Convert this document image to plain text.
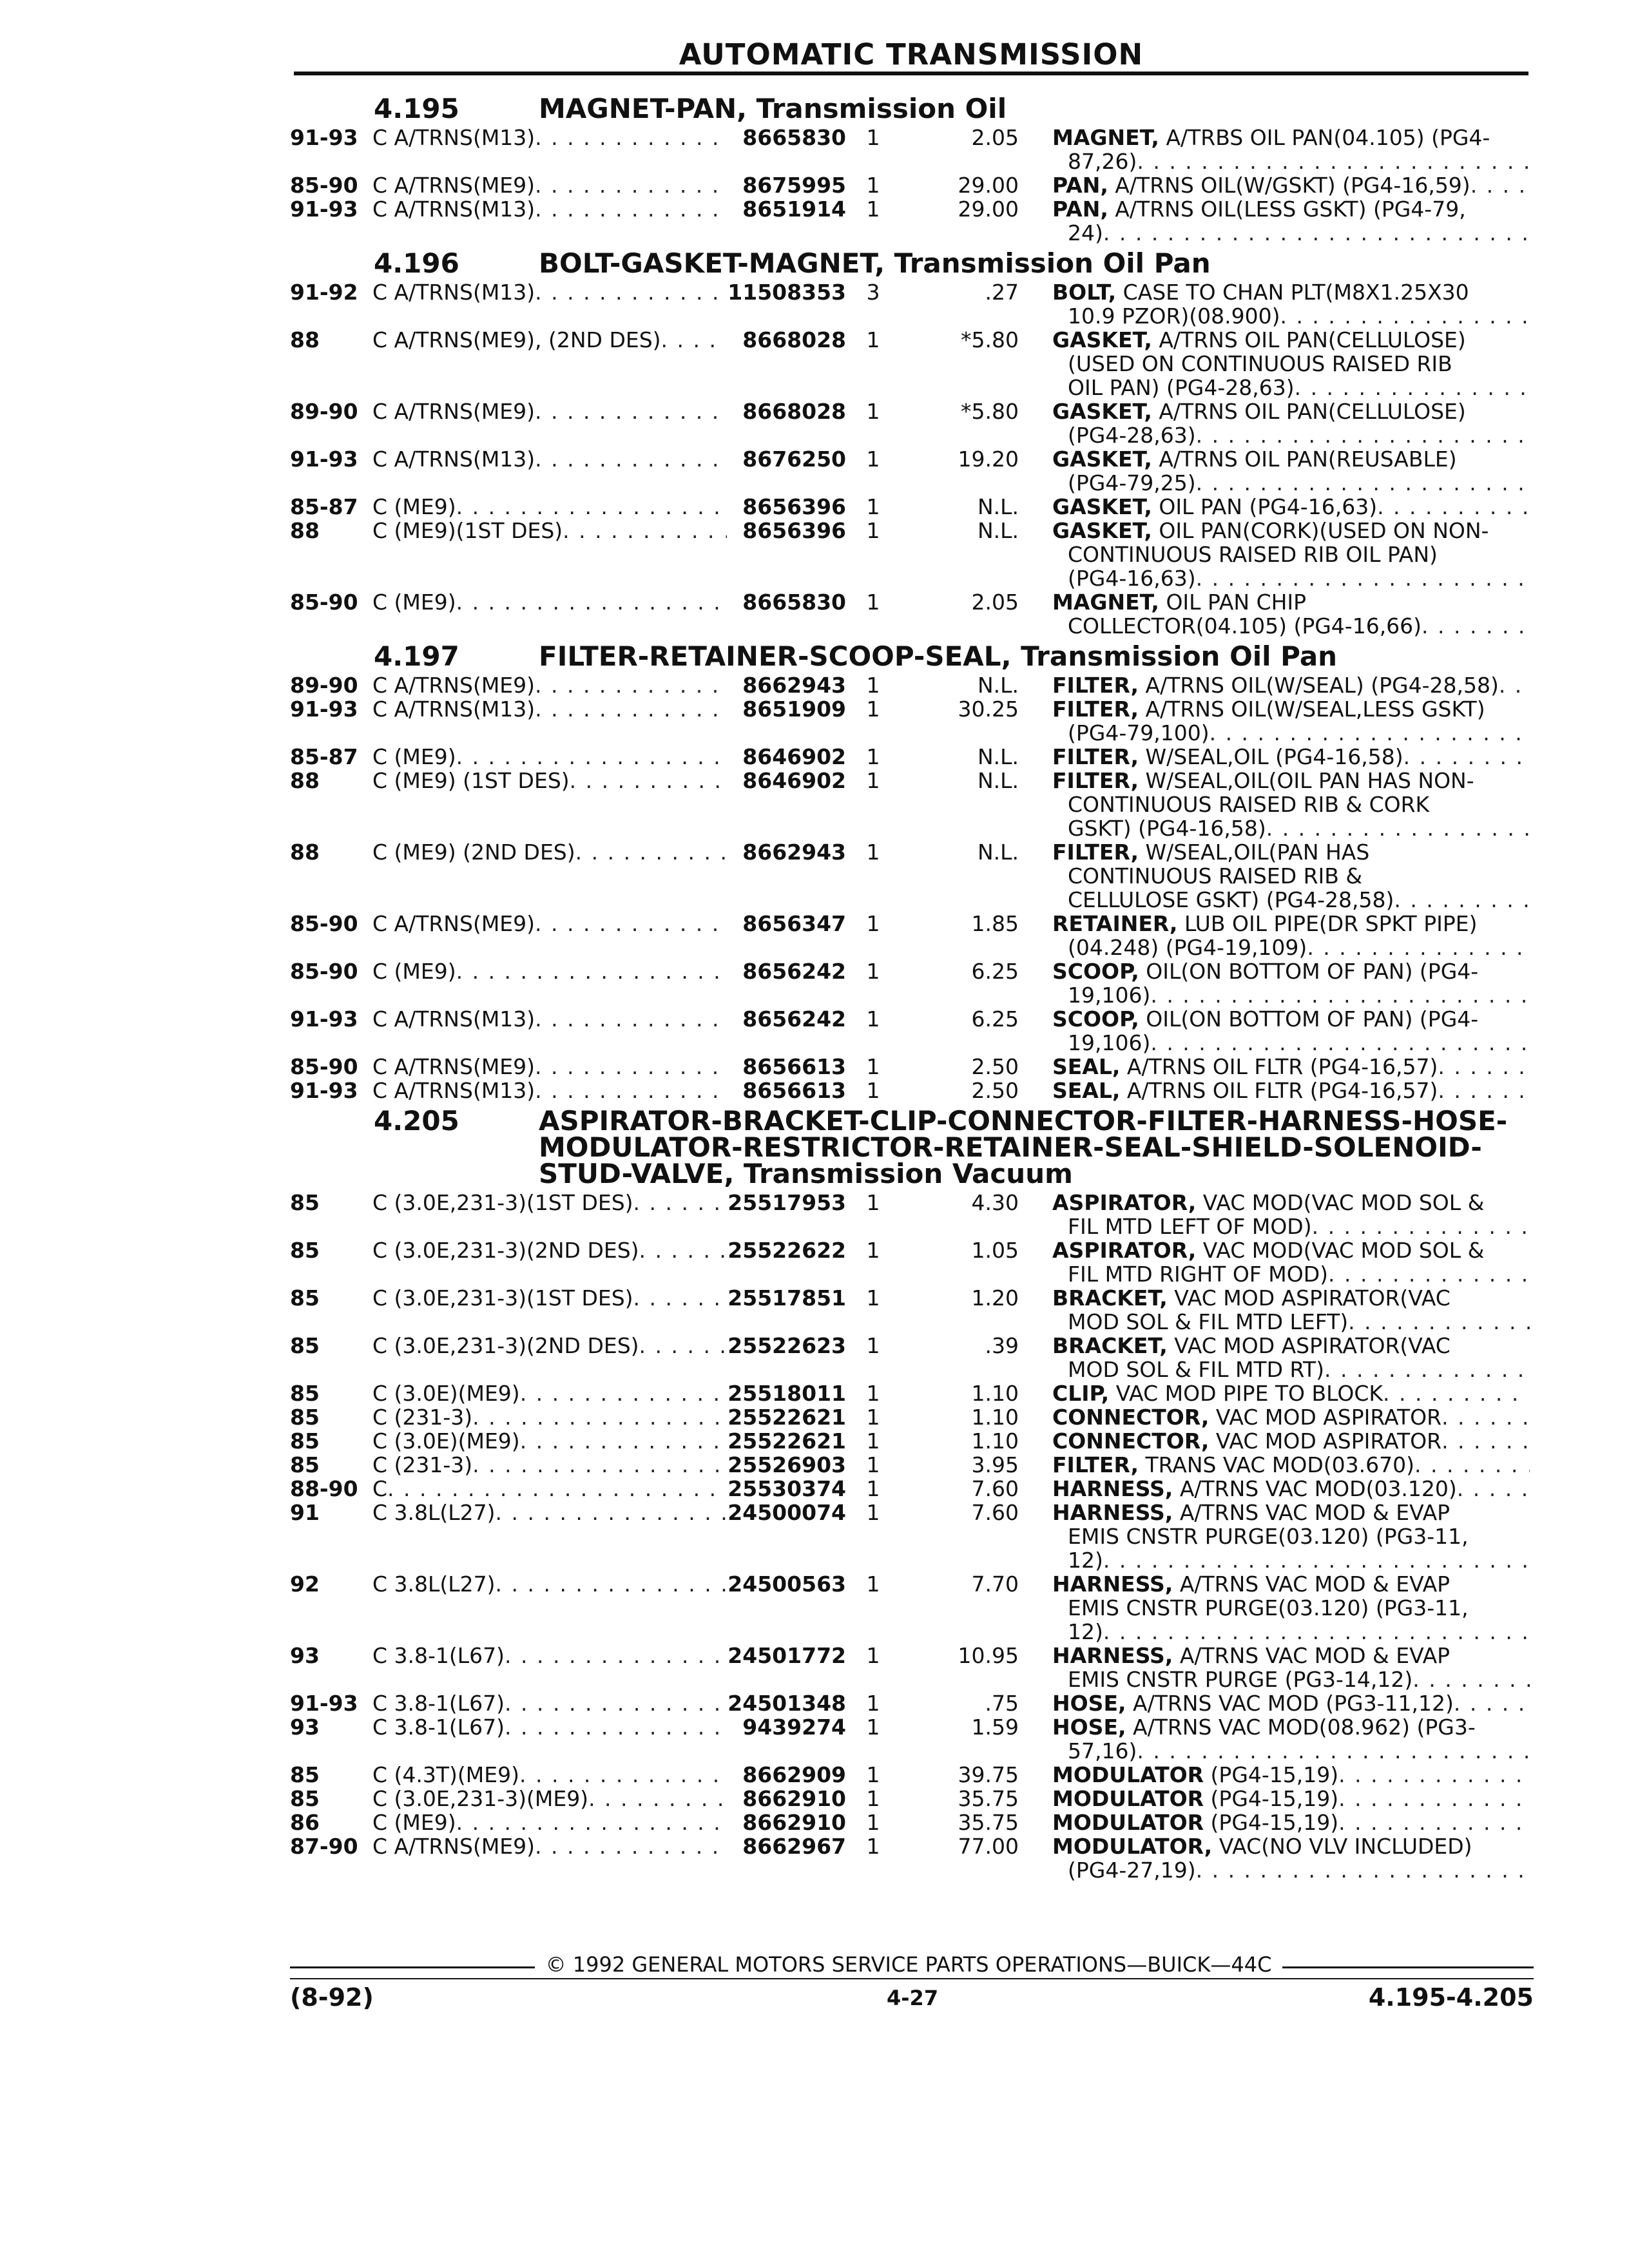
AUTOMATIC TRANSMISSION
4.195	MAGNET-PAN, Transmission Oil
91-93 C A/TRNS(M13) . . .	8665830 1	2.05 MAGNET, A/TRBS OIL PAN(04.105) (PG4-
87,26)
. . .
85-90 C A/TRNS(ME9) . . .	8675995 1	29.00 PAN, A/TRNS OIL(W/GSKT) (PG4-16,59)
. . .
91-93 C A/TRNS(M13) . . .	8651914 1	29.00 PAN, A/TRNS OIL(LESS GSKT) (PG4-79,
24)
. . .
4.196	BOLT-GASKET-MAGNET, Transmission Oil Pan
91-92 C A/TRNS(M13) . . .	11508353 3	.27 BOLT, CASE TO CHAN PLT(M8X1.25X30
10.9 PZOR)(08.900)
. . .
88	C A/TRNS(ME9), (2ND DES) . . .	8668028 1	*5.80 GASKET, A/TRNS OIL PAN(CELLULOSE)
(USED ON CONTINUOUS RAISED RIB
OIL PAN) (PG4-28,63)
. . .
89-90 C A/TRNS(ME9) . . .	8668028 1	*5.80 GASKET, A/TRNS OIL PAN(CELLULOSE)
(PG4-28,63)
. . .
91-93 C A/TRNS(M13) . . .	8676250 1	19.20 GASKET, A/TRNS OIL PAN(REUSABLE)
(PG4-79,25)
. . .
85-87 C (ME9) . . .	8656396 1	N.L. GASKET, OIL PAN (PG4-16,63)
. . .
88	C (ME9)(1ST DES) . . .	8656396 1	N.L. GASKET, OIL PAN(CORK)(USED ON NON-
CONTINUOUS RAISED RIB OIL PAN)
(PG4-16,63)
. . .
85-90 C (ME9) . . .	8665830 1	2.05 MAGNET, OIL PAN CHIP
COLLECTOR(04.105) (PG4-16,66)
. . .
4.197	FILTER-RETAINER-SCOOP-SEAL, Transmission Oil Pan
89-90 C A/TRNS(ME9) . . .	8662943 1	N.L. FILTER, A/TRNS OIL(W/SEAL) (PG4-28,58)
. . .
91-93 C A/TRNS(M13) . . .	8651909 1	30.25 FILTER, A/TRNS OIL(W/SEAL,LESS GSKT)
(PG4-79,100)
. . .
85-87 C (ME9) . . .	8646902 1	N.L. FILTER, W/SEAL,OIL (PG4-16,58)
. . .
88	C (ME9) (1ST DES) . . .	8646902 1	N.L. FILTER, W/SEAL,OIL(OIL PAN HAS NON-
CONTINUOUS RAISED RIB & CORK
GSKT) (PG4-16,58)
. . .
88	C (ME9) (2ND DES) . . .	8662943 1	N.L. FILTER, W/SEAL,OIL(PAN HAS
CONTINUOUS RAISED RIB &
CELLULOSE GSKT) (PG4-28,58)
. . .
85-90 C A/TRNS(ME9) . . .	8656347 1	1.85 RETAINER, LUB OIL PIPE(DR SPKT PIPE)
(04.248) (PG4-19,109)
. . .
85-90 C (ME9) . . .	8656242 1	6.25 SCOOP, OIL(ON BOTTOM OF PAN) (PG4-
19,106)
. . .
91-93 C A/TRNS(M13) . . .	8656242 1	6.25 SCOOP, OIL(ON BOTTOM OF PAN) (PG4-
19,106)
. . .
85-90 C A/TRNS(ME9) . . .	8656613 1	2.50 SEAL, A/TRNS OIL FLTR (PG4-16,57)
. . .
91-93 C A/TRNS(M13) . . .	8656613 1	2.50 SEAL, A/TRNS OIL FLTR (PG4-16,57)
. . .
4.205	ASPIRATOR-BRACKET-CLIP-CONNECTOR-FILTER-HARNESS-HOSE-MODULATOR-RESTRICTOR-RETAINER-SEAL-SHIELD-SOLENOID-STUD-VALVE, Transmission Vacuum
85	C (3.0E,231-3)(1ST DES) . . .	25517953 1	4.30 ASPIRATOR, VAC MOD(VAC MOD SOL &
FIL MTD LEFT OF MOD)
. . .
85	C (3.0E,231-3)(2ND DES) . . .	25522622 1	1.05 ASPIRATOR, VAC MOD(VAC MOD SOL &
FIL MTD RIGHT OF MOD)
. . .
85	C (3.0E,231-3)(1ST DES) . . .	25517851 1	1.20 BRACKET, VAC MOD ASPIRATOR(VAC
MOD SOL & FIL MTD LEFT)
. . .
85	C (3.0E,231-3)(2ND DES) . . .	25522623 1	.39 BRACKET, VAC MOD ASPIRATOR(VAC
MOD SOL & FIL MTD RT)
. . .
85	C (3.0E)(ME9) . . .	25518011 1	1.10 CLIP, VAC MOD PIPE TO BLOCK
. . .
85	C (231-3) . . .	25522621 1	1.10 CONNECTOR, VAC MOD ASPIRATOR
. . .
85	C (3.0E)(ME9) . . .	25522621 1	1.10 CONNECTOR, VAC MOD ASPIRATOR
. . .
85	C (231-3) . . .	25526903 1	3.95 FILTER, TRANS VAC MOD(03.670)
. . .
88-90 C . . .	25530374 1	7.60 HARNESS, A/TRNS VAC MOD(03.120)
. . .
91	C 3.8L(L27) . . .	24500074 1	7.60 HARNESS, A/TRNS VAC MOD & EVAP
EMIS CNSTR PURGE(03.120) (PG3-11,
12)
. . .
92	C 3.8L(L27) . . .	24500563 1	7.70 HARNESS, A/TRNS VAC MOD & EVAP
EMIS CNSTR PURGE(03.120) (PG3-11,
12)
. . .
93	C 3.8-1(L67) . . .	24501772 1	10.95 HARNESS, A/TRNS VAC MOD & EVAP
EMIS CNSTR PURGE (PG3-14,12)
. . .
91-93 C 3.8-1(L67) . . .	24501348 1	.75 HOSE, A/TRNS VAC MOD (PG3-11,12)
. . .
93	C 3.8-1(L67) . . .	9439274 1	1.59 HOSE, A/TRNS VAC MOD(08.962) (PG3-
57,16)
. . .
85	C (4.3T)(ME9) . . .	8662909 1	39.75 MODULATOR (PG4-15,19)
. . .
85	C (3.0E,231-3)(ME9) . . .	8662910 1	35.75 MODULATOR (PG4-15,19)
. . .
86	C (ME9) . . .	8662910 1	35.75 MODULATOR (PG4-15,19)
. . .
87-90 C A/TRNS(ME9) . . .	8662967 1	77.00 MODULATOR, VAC(NO VLV INCLUDED)
(PG4-27,19)
. . .
© 1992 GENERAL MOTORS SERVICE PARTS OPERATIONS—BUICK—44C
(8-92)	4-27	4.195-4.205
